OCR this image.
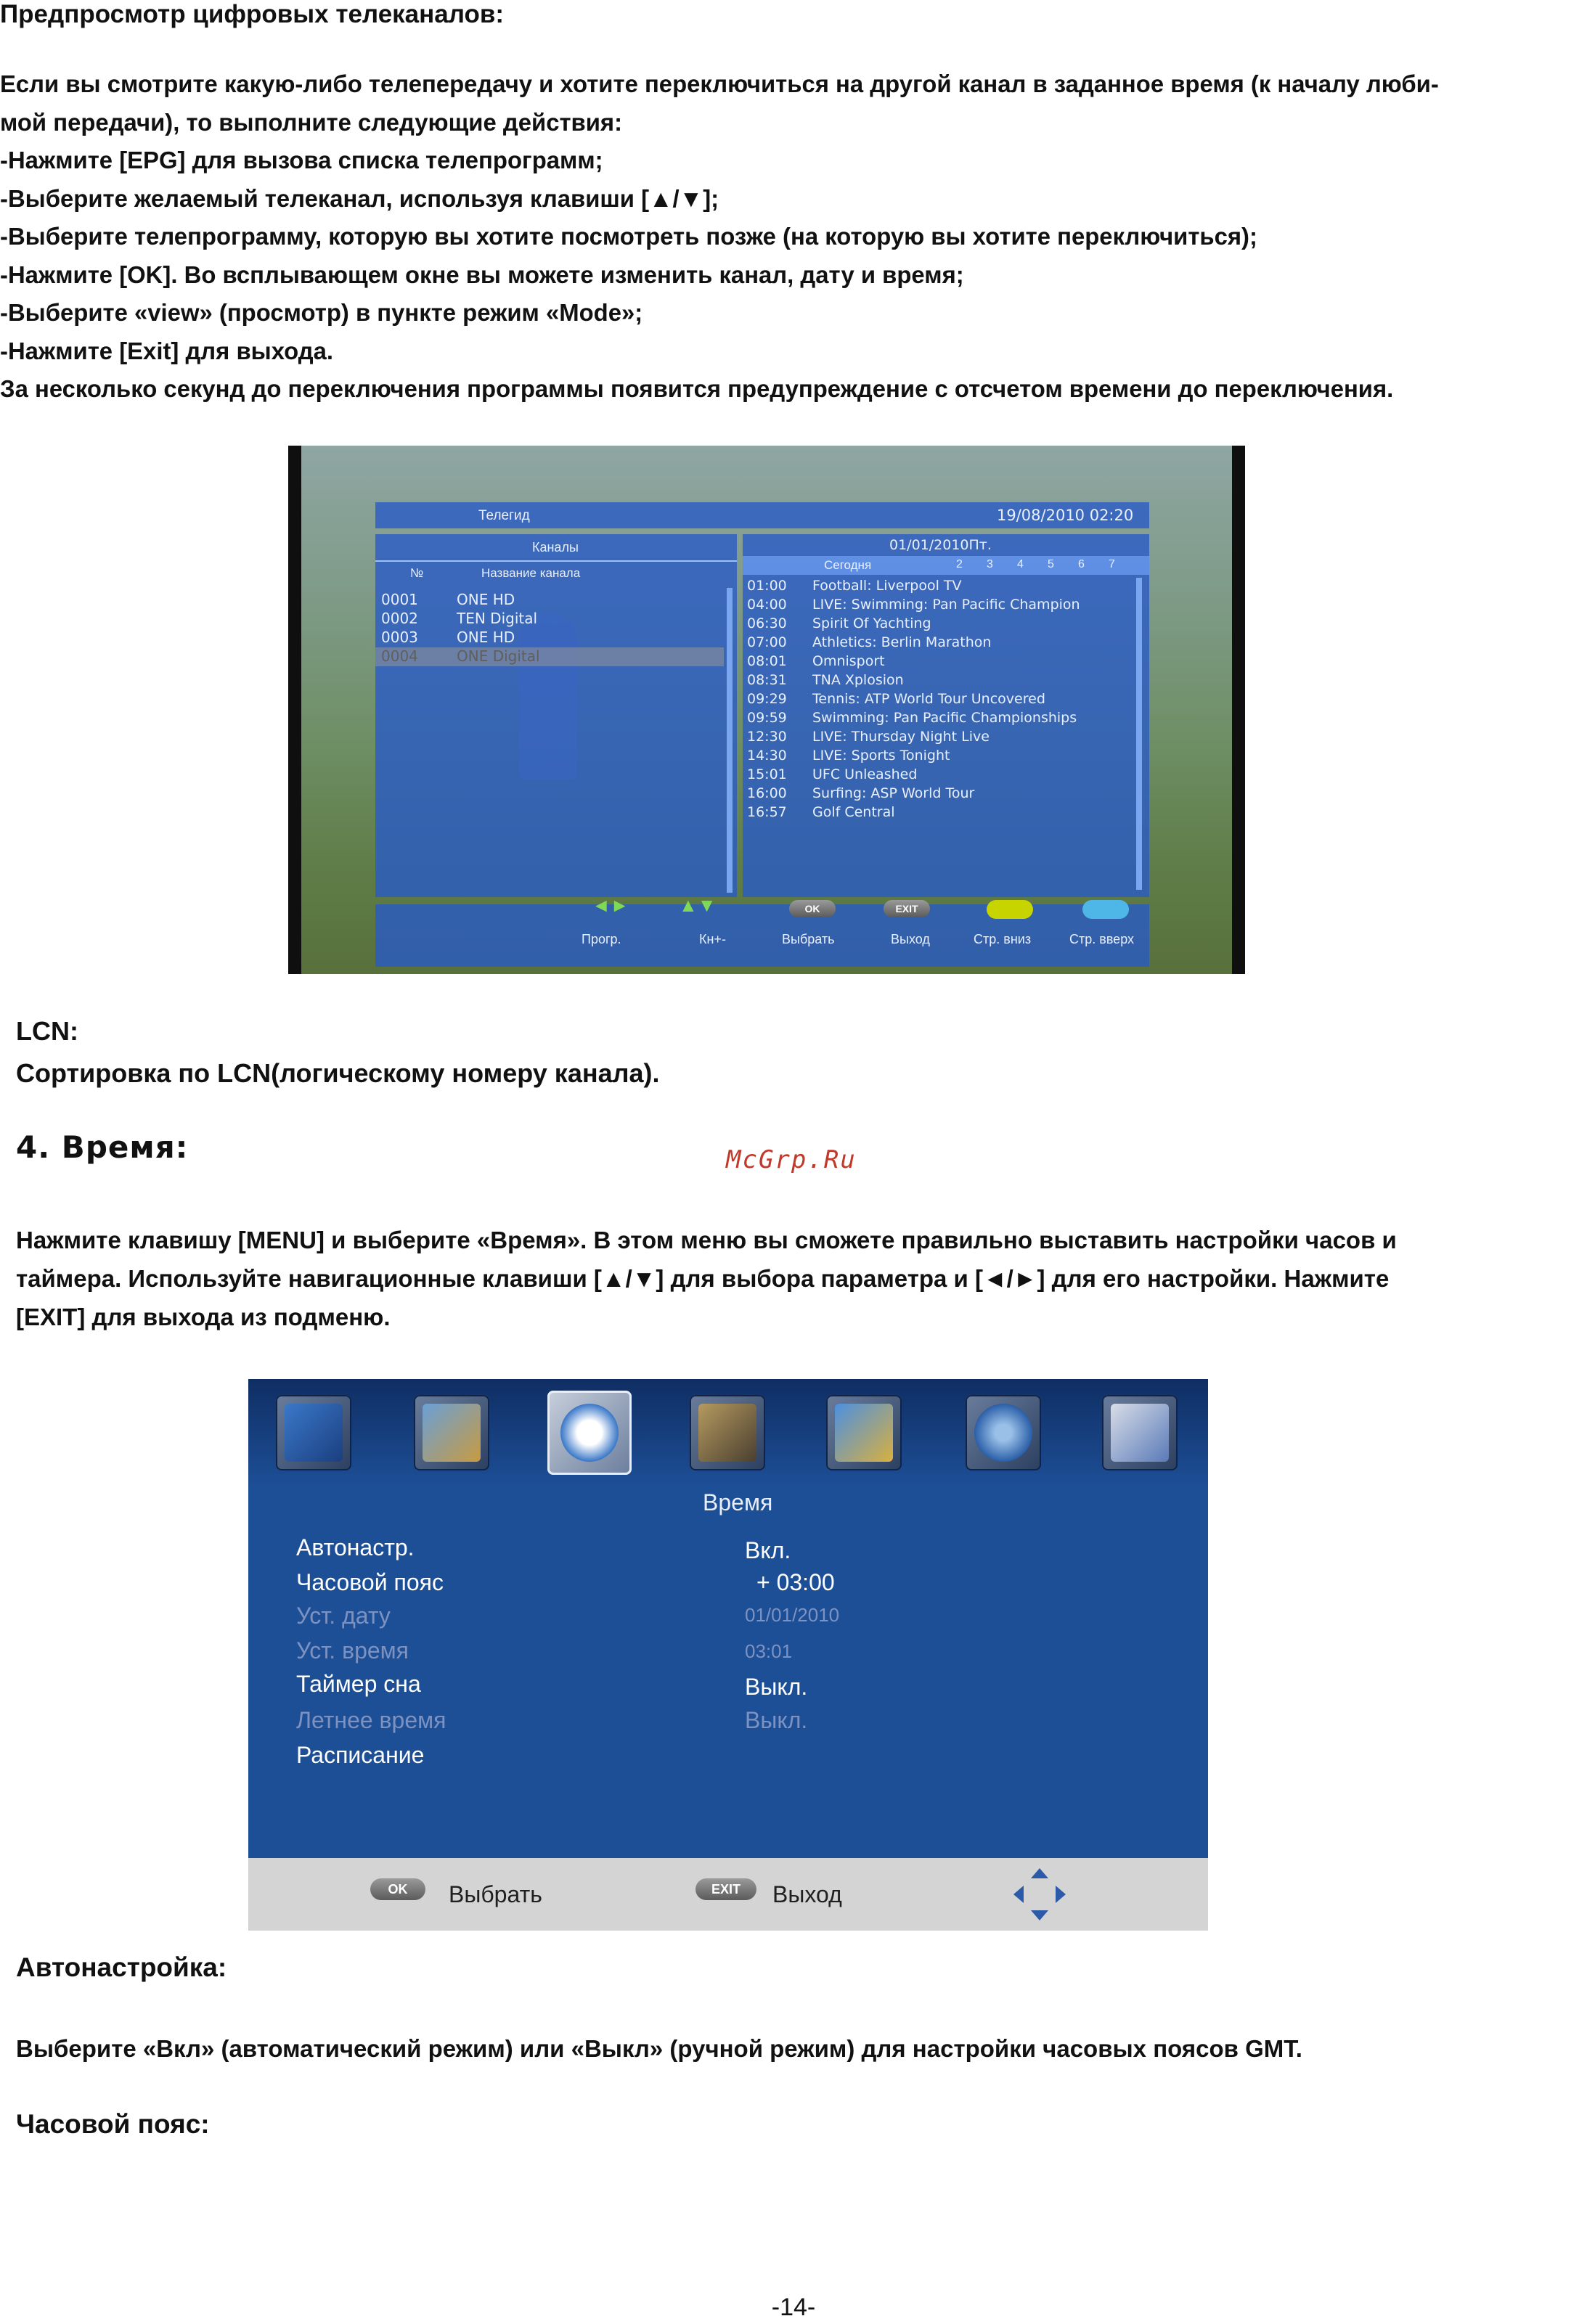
Предпросмотр цифровых телеканалов:
Если вы смотрите какую-либо телепередачу и хотите переключиться на другой канал в заданное время (к началу люби-
мой передачи), то выполните следующие действия:
-Нажмите [EPG] для вызова списка телепрограмм;
-Выберите желаемый телеканал, используя клавиши [▲/▼];
-Выберите телепрограмму, которую вы хотите посмотреть позже (на которую вы хотите переключиться);
-Нажмите [OK]. Во всплывающем окне вы можете изменить канал, дату и время;
-Выберите «view» (просмотр) в пункте режим «Mode»;
-Нажмите [Exit] для выхода.
За несколько секунд до переключения программы появится предупреждение с отсчетом времени до переключения.
Телегид	19/08/2010 02:20
Каналы
№	Название канала
0001	ONE HD
0002	TEN Digital
0003	ONE HD
0004	ONE Digital
01/01/2010Пт.
Сегодня	2 3 4 5 6 7
01:00 Football: Liverpool TV
04:00 LIVE: Swimming: Pan Pacific Champion
06:30 Spirit Of Yachting
07:00 Athletics: Berlin Marathon
08:01 Omnisport
08:31 TNA Xplosion
09:29 Tennis: ATP World Tour Uncovered
09:59 Swimming: Pan Pacific Championships
12:30 LIVE: Thursday Night Live
14:30 LIVE: Sports Tonight
15:01 UFC Unleashed
16:00 Surfing: ASP World Tour
16:57 Golf Central
◄►	▲▼	OK	EXIT
Прогр.	Кн+-	Выбрать	Выход	Стр. вниз	Стр. вверх
LCN:
Сортировка по LCN(логическому номеру канала).
4. Время:	McGrp.Ru
Нажмите клавишу [MENU] и выберите «Время». В этом меню вы сможете правильно выставить настройки часов и
таймера. Используйте навигационные клавиши [▲/▼] для выбора параметра и [◄/►] для его настройки. Нажмите
[EXIT] для выхода из подменю.
Время
Автонастр.	Вкл.
Часовой пояс	+ 03:00
Уст. дату	01/01/2010
Уст. время	03:01
Таймер сна	Выкл.
Летнее время	Выкл.
Расписание
OK	Выбрать	EXIT	Выход
Автонастройка:
Выберите «Вкл» (автоматический режим) или «Выкл» (ручной режим) для настройки часовых поясов GMT.
Часовой пояс:
-14-
